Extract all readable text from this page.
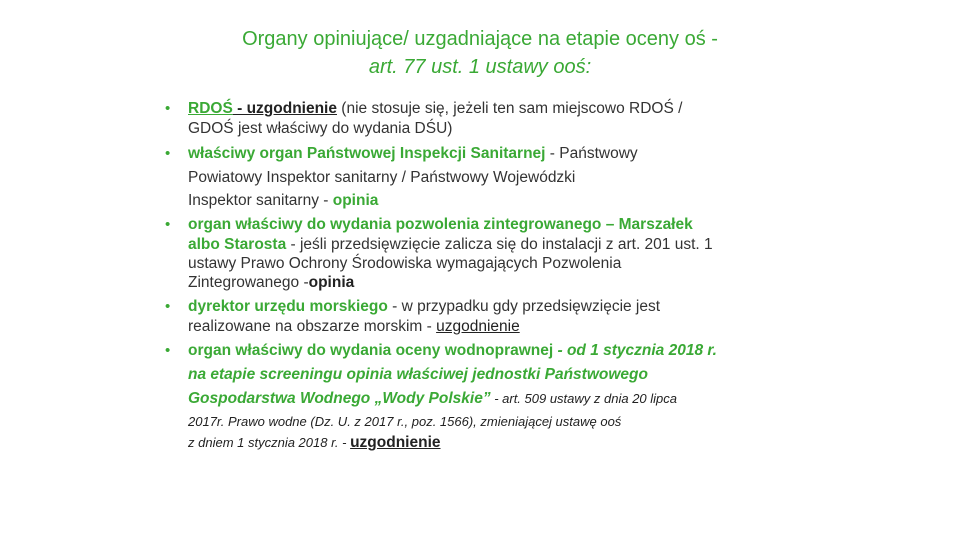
Organy opiniujące/ uzgadniające na etapie oceny oś -
art. 77 ust. 1 ustawy ooś:
• RDOŚ - uzgodnienie (nie stosuje się, jeżeli ten sam miejscowo RDOŚ /
GDOŚ jest właściwy do wydania DŚU)
• właściwy organ Państwowej Inspekcji Sanitarnej - Państwowy
Powiatowy Inspektor sanitarny / Państwowy Wojewódzki
Inspektor sanitarny - opinia
• organ właściwy do wydania pozwolenia zintegrowanego – Marszałek
albo Starosta - jeśli przedsięwzięcie zalicza się do instalacji z art. 201 ust. 1
ustawy Prawo Ochrony Środowiska wymagających Pozwolenia
Zintegrowanego -opinia
• dyrektor urzędu morskiego - w przypadku gdy przedsięwzięcie jest
realizowane na obszarze morskim - uzgodnienie
• organ właściwy do wydania oceny wodnoprawnej - od 1 stycznia 2018 r.
na etapie screeningu opinia właściwej jednostki Państwowego
Gospodarstwa Wodnego „Wody Polskie” - art. 509 ustawy z dnia 20 lipca
2017r. Prawo wodne (Dz. U. z 2017 r., poz. 1566), zmieniającej ustawę ooś
z dniem 1 stycznia 2018 r. - uzgodnienie
